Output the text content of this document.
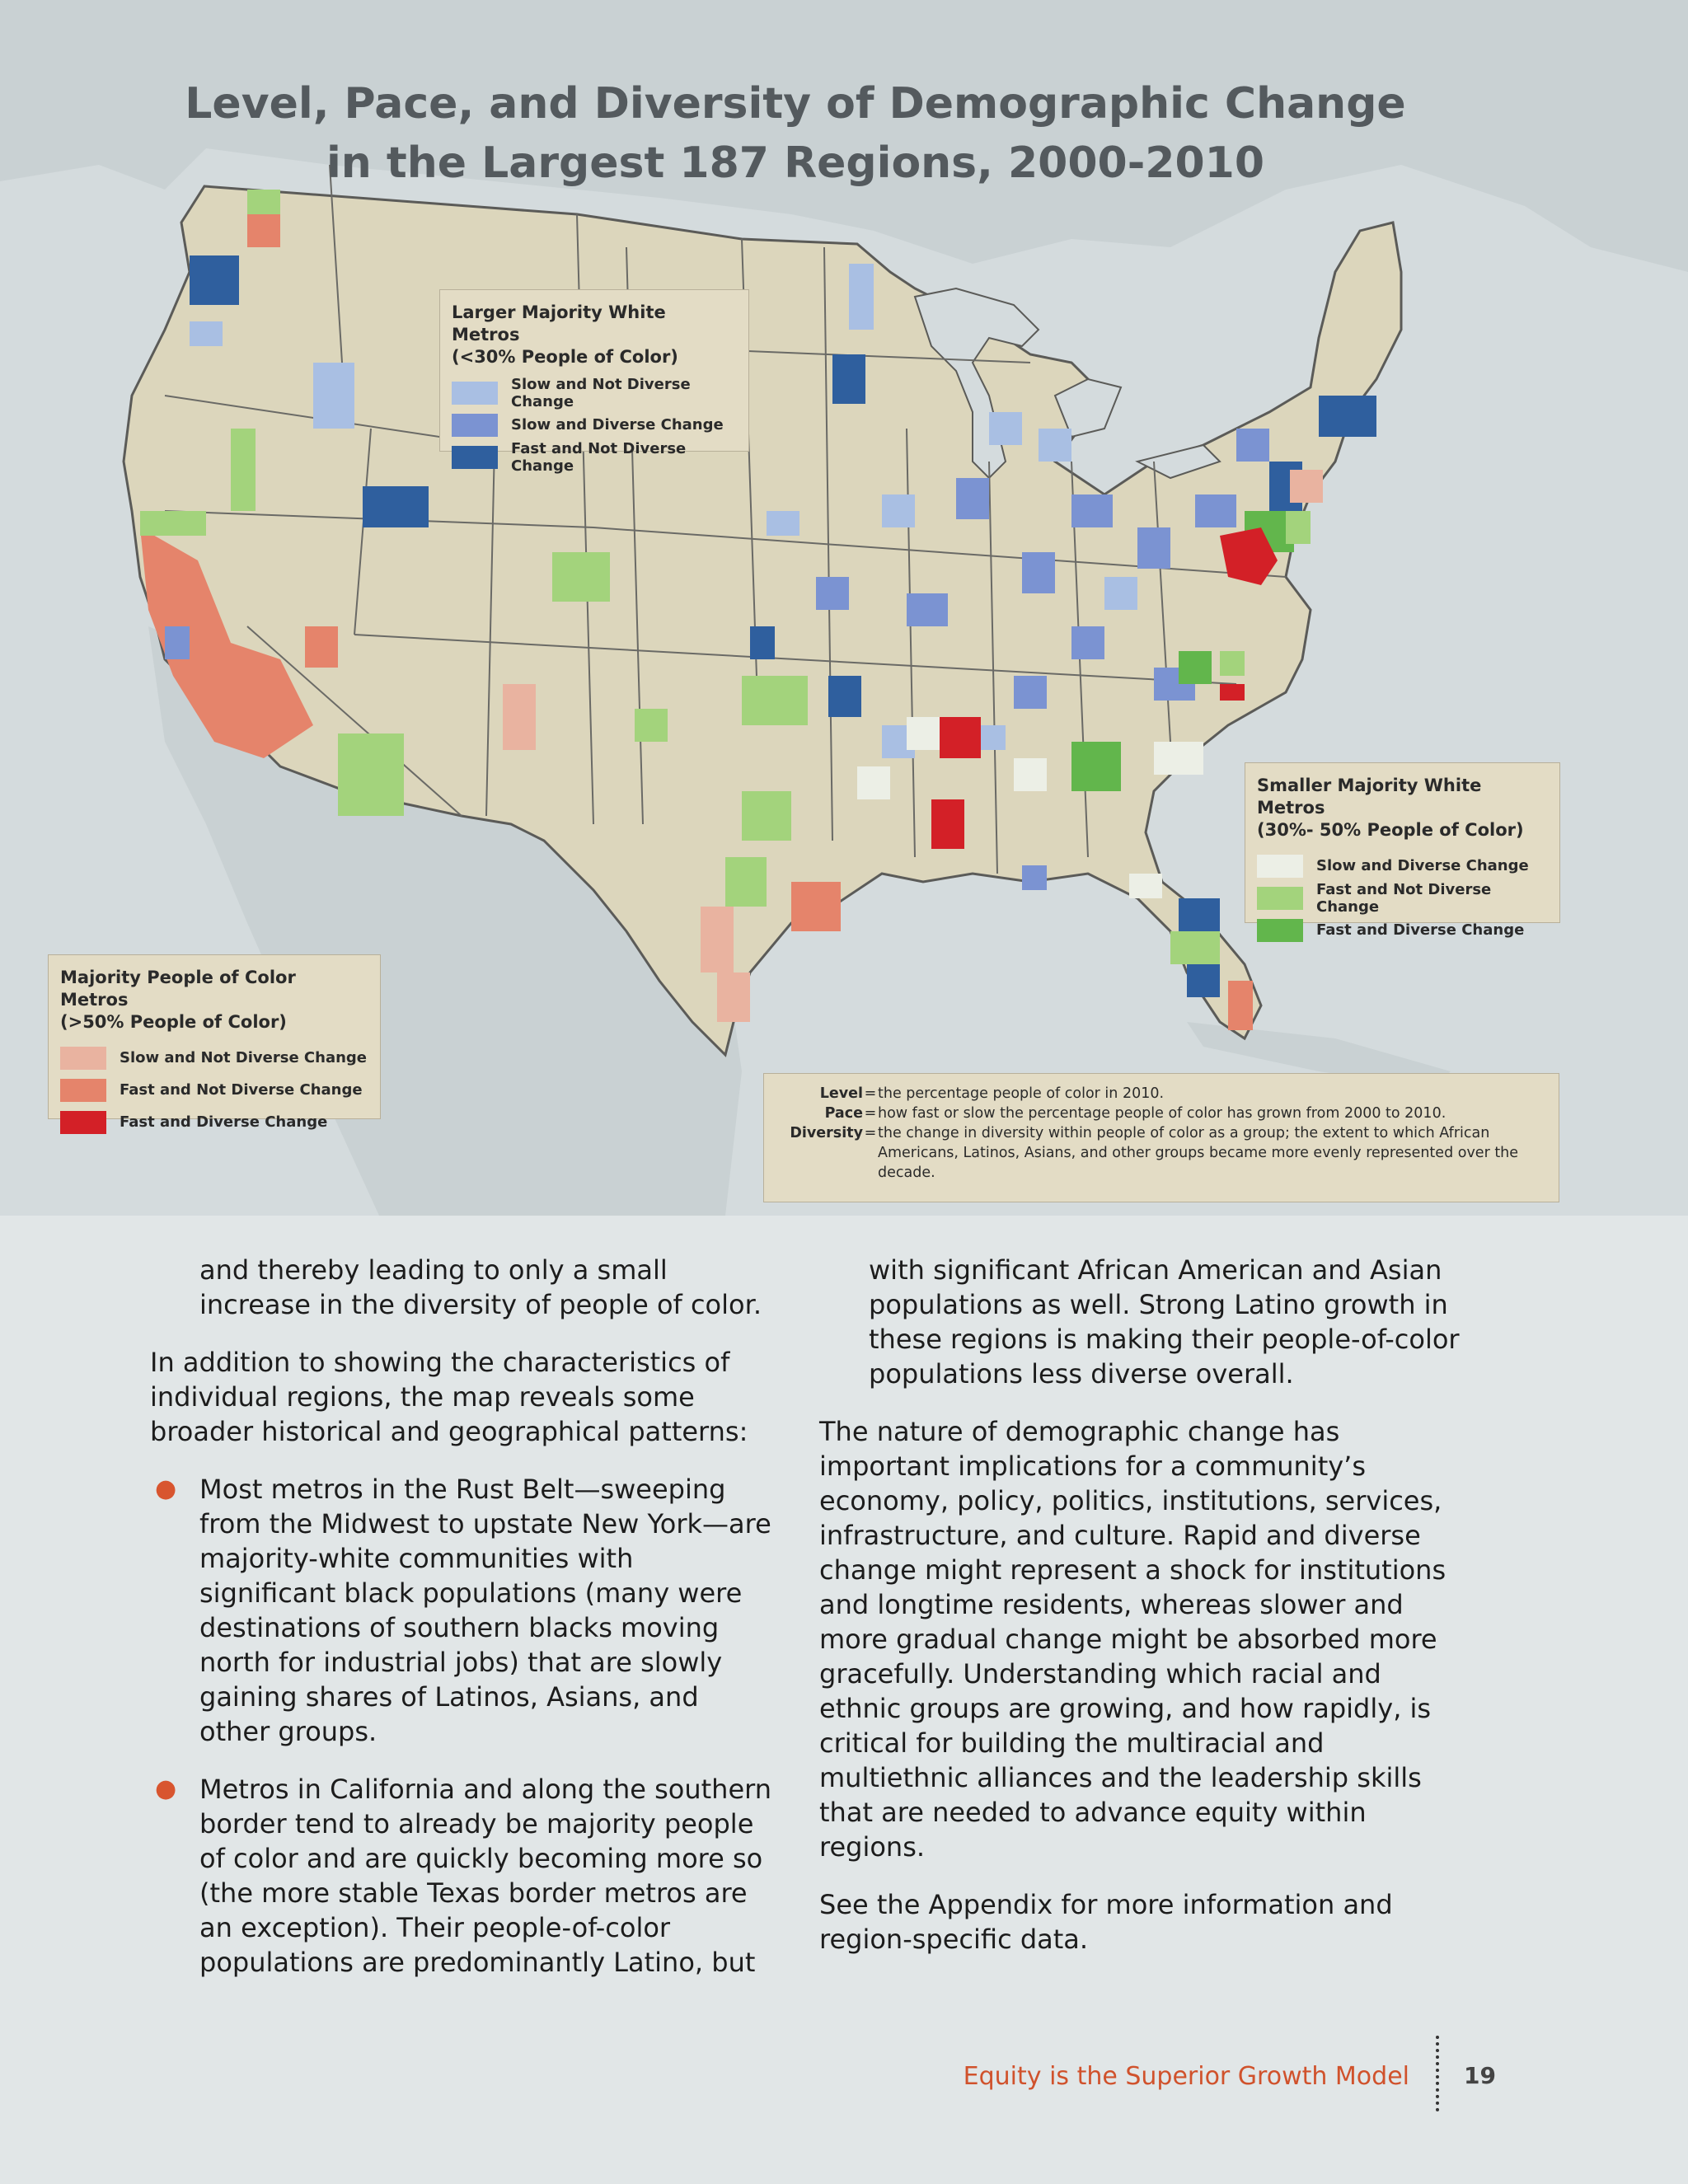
Level, Pace, and Diversity of Demographic Change
in the Largest 187 Regions, 2000-2010
Larger Majority White Metros
(<30% People of Color)
Slow and Not Diverse Change
Slow and Diverse Change
Fast and Not Diverse Change
Smaller Majority White Metros
(30%- 50% People of Color)
Slow and Diverse Change
Fast and Not Diverse Change
Fast and Diverse Change
Majority People of Color Metros
(>50% People of Color)
Slow and Not Diverse Change
Fast and Not Diverse Change
Fast and Diverse Change
Level = the percentage people of color in 2010.
Pace = how fast or slow the percentage people of color has grown from 2000 to 2010.
Diversity = the change in diversity within people of color as a group; the extent to which African Americans, Latinos, Asians, and other groups became more evenly represented over the decade.

and thereby leading to only a small increase in the diversity of people of color.

In addition to showing the characteristics of individual regions, the map reveals some broader historical and geographical patterns:

● Most metros in the Rust Belt—sweeping from the Midwest to upstate New York—are majority-white communities with significant black populations (many were destinations of southern blacks moving north for industrial jobs) that are slowly gaining shares of Latinos, Asians, and other groups.
● Metros in California and along the southern border tend to already be majority people of color and are quickly becoming more so (the more stable Texas border metros are an exception). Their people-of-color populations are predominantly Latino, but

with significant African American and Asian populations as well. Strong Latino growth in these regions is making their people-of-color populations less diverse overall.

The nature of demographic change has important implications for a community’s economy, policy, politics, institutions, services, infrastructure, and culture. Rapid and diverse change might represent a shock for institutions and longtime residents, whereas slower and more gradual change might be absorbed more gracefully. Understanding which racial and ethnic groups are growing, and how rapidly, is critical for building the multiracial and multiethnic alliances and the leadership skills that are needed to advance equity within regions.

See the Appendix for more information and region-specific data.

Equity is the Superior Growth Model 19
